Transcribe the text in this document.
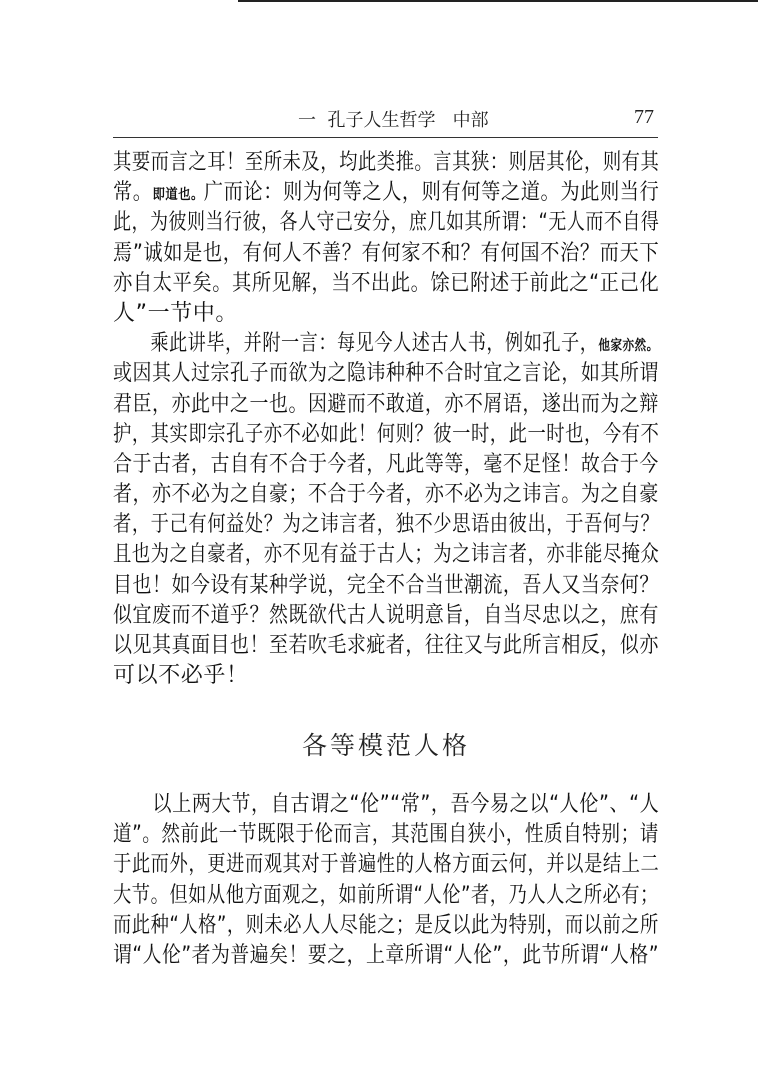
一  孔子人生哲学   中部	77
其要而言之耳！至所未及，均此类推。言其狭：则居其伦，则有其
常。即道也。广而论：则为何等之人，则有何等之道。为此则当行
此，为彼则当行彼，各人守己安分，庶几如其所谓：“无人而不自得
焉”诚如是也，有何人不善？有何家不和？有何国不治？而天下
亦自太平矣。其所见解，当不出此。馀已附述于前此之“正己化
人”一节中。
　　乘此讲毕，并附一言：每见今人述古人书，例如孔子，他家亦然。
或因其人过宗孔子而欲为之隐讳种种不合时宜之言论，如其所谓
君臣，亦此中之一也。因避而不敢道，亦不屑语，遂出而为之辩
护，其实即宗孔子亦不必如此！何则？彼一时，此一时也，今有不
合于古者，古自有不合于今者，凡此等等，毫不足怪！故合于今
者，亦不必为之自豪；不合于今者，亦不必为之讳言。为之自豪
者，于己有何益处？为之讳言者，独不少思语由彼出，于吾何与？
且也为之自豪者，亦不见有益于古人；为之讳言者，亦非能尽掩众
目也！如今设有某种学说，完全不合当世潮流，吾人又当奈何？
似宜废而不道乎？然既欲代古人说明意旨，自当尽忠以之，庶有
以见其真面目也！至若吹毛求疵者，往往又与此所言相反，似亦
可以不必乎！
各等模范人格
　　以上两大节，自古谓之“伦”“常”，吾今易之以“人伦”、“人
道”。然前此一节既限于伦而言，其范围自狭小，性质自特别；请
于此而外，更进而观其对于普遍性的人格方面云何，并以是结上二
大节。但如从他方面观之，如前所谓“人伦”者，乃人人之所必有；
而此种“人格”，则未必人人尽能之；是反以此为特别，而以前之所
谓“人伦”者为普遍矣！要之，上章所谓“人伦”，此节所谓“人格”
